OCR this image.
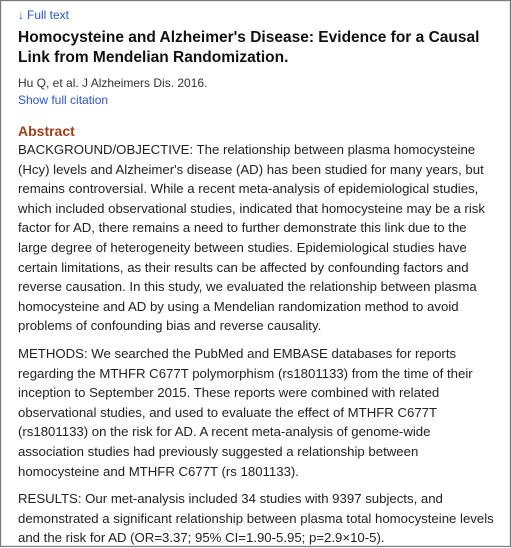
↓ Full text
Homocysteine and Alzheimer's Disease: Evidence for a Causal Link from Mendelian Randomization.
Hu Q, et al. J Alzheimers Dis. 2016.
Show full citation
Abstract

BACKGROUND/OBJECTIVE: The relationship between plasma homocysteine (Hcy) levels and Alzheimer's disease (AD) has been studied for many years, but remains controversial. While a recent meta-analysis of epidemiological studies, which included observational studies, indicated that homocysteine may be a risk factor for AD, there remains a need to further demonstrate this link due to the large degree of heterogeneity between studies. Epidemiological studies have certain limitations, as their results can be affected by confounding factors and reverse causation. In this study, we evaluated the relationship between plasma homocysteine and AD by using a Mendelian randomization method to avoid problems of confounding bias and reverse causality.

METHODS: We searched the PubMed and EMBASE databases for reports regarding the MTHFR C677T polymorphism (rs1801133) from the time of their inception to September 2015. These reports were combined with related observational studies, and used to evaluate the effect of MTHFR C677T (rs1801133) on the risk for AD. A recent meta-analysis of genome-wide association studies had previously suggested a relationship between homocysteine and MTHFR C677T (rs 1801133).

RESULTS: Our met-analysis included 34 studies with 9397 subjects, and demonstrated a significant relationship between plasma total homocysteine levels and the risk for AD (OR=3.37; 95% CI=1.90-5.95; p=2.9×10-5).
